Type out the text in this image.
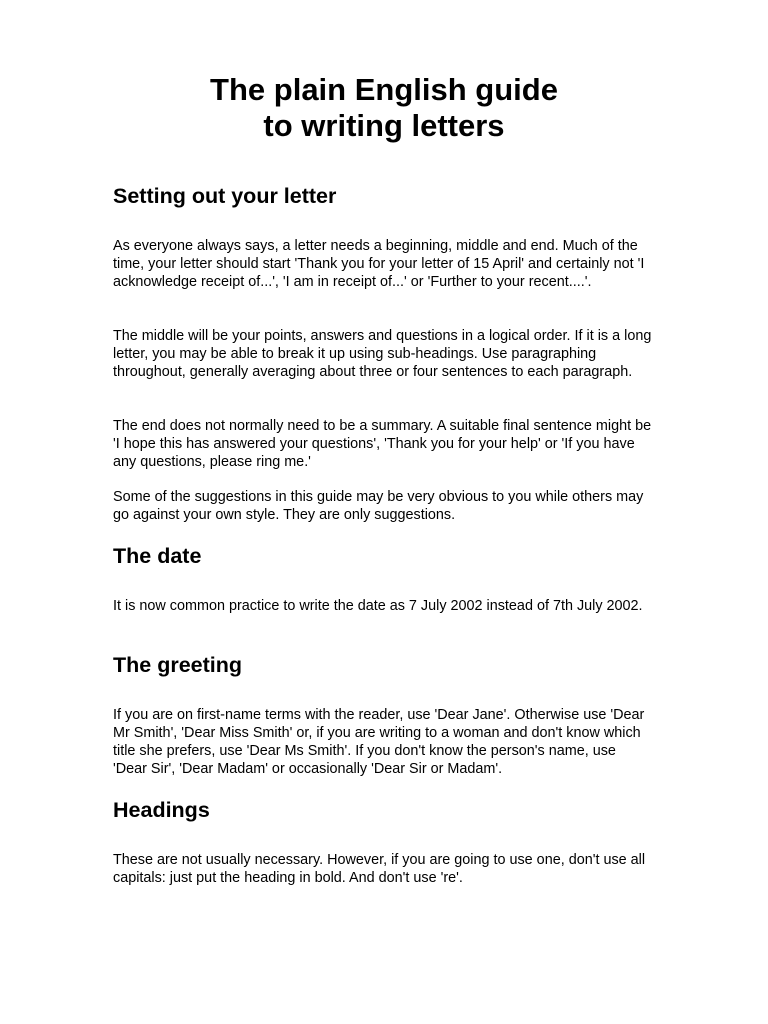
The plain English guide
to writing letters
Setting out your letter

As everyone always says, a letter needs a beginning, middle and end. Much of the time, your letter should start 'Thank you for your letter of 15 April' and certainly not 'I acknowledge receipt of...', 'I am in receipt of...' or 'Further to your recent....'.

The middle will be your points, answers and questions in a logical order. If it is a long letter, you may be able to break it up using sub-headings. Use paragraphing throughout, generally averaging about three or four sentences to each paragraph.

The end does not normally need to be a summary. A suitable final sentence might be 'I hope this has answered your questions', 'Thank you for your help' or 'If you have any questions, please ring me.'

Some of the suggestions in this guide may be very obvious to you while others may go against your own style. They are only suggestions.

The date

It is now common practice to write the date as 7 July 2002 instead of 7th July 2002.

The greeting

If you are on first-name terms with the reader, use 'Dear Jane'. Otherwise use 'Dear Mr Smith', 'Dear Miss Smith' or, if you are writing to a woman and don't know which title she prefers, use 'Dear Ms Smith'. If you don't know the person's name, use 'Dear Sir', 'Dear Madam' or occasionally 'Dear Sir or Madam'.

Headings

These are not usually necessary. However, if you are going to use one, don't use all capitals: just put the heading in bold. And don't use 're'.
